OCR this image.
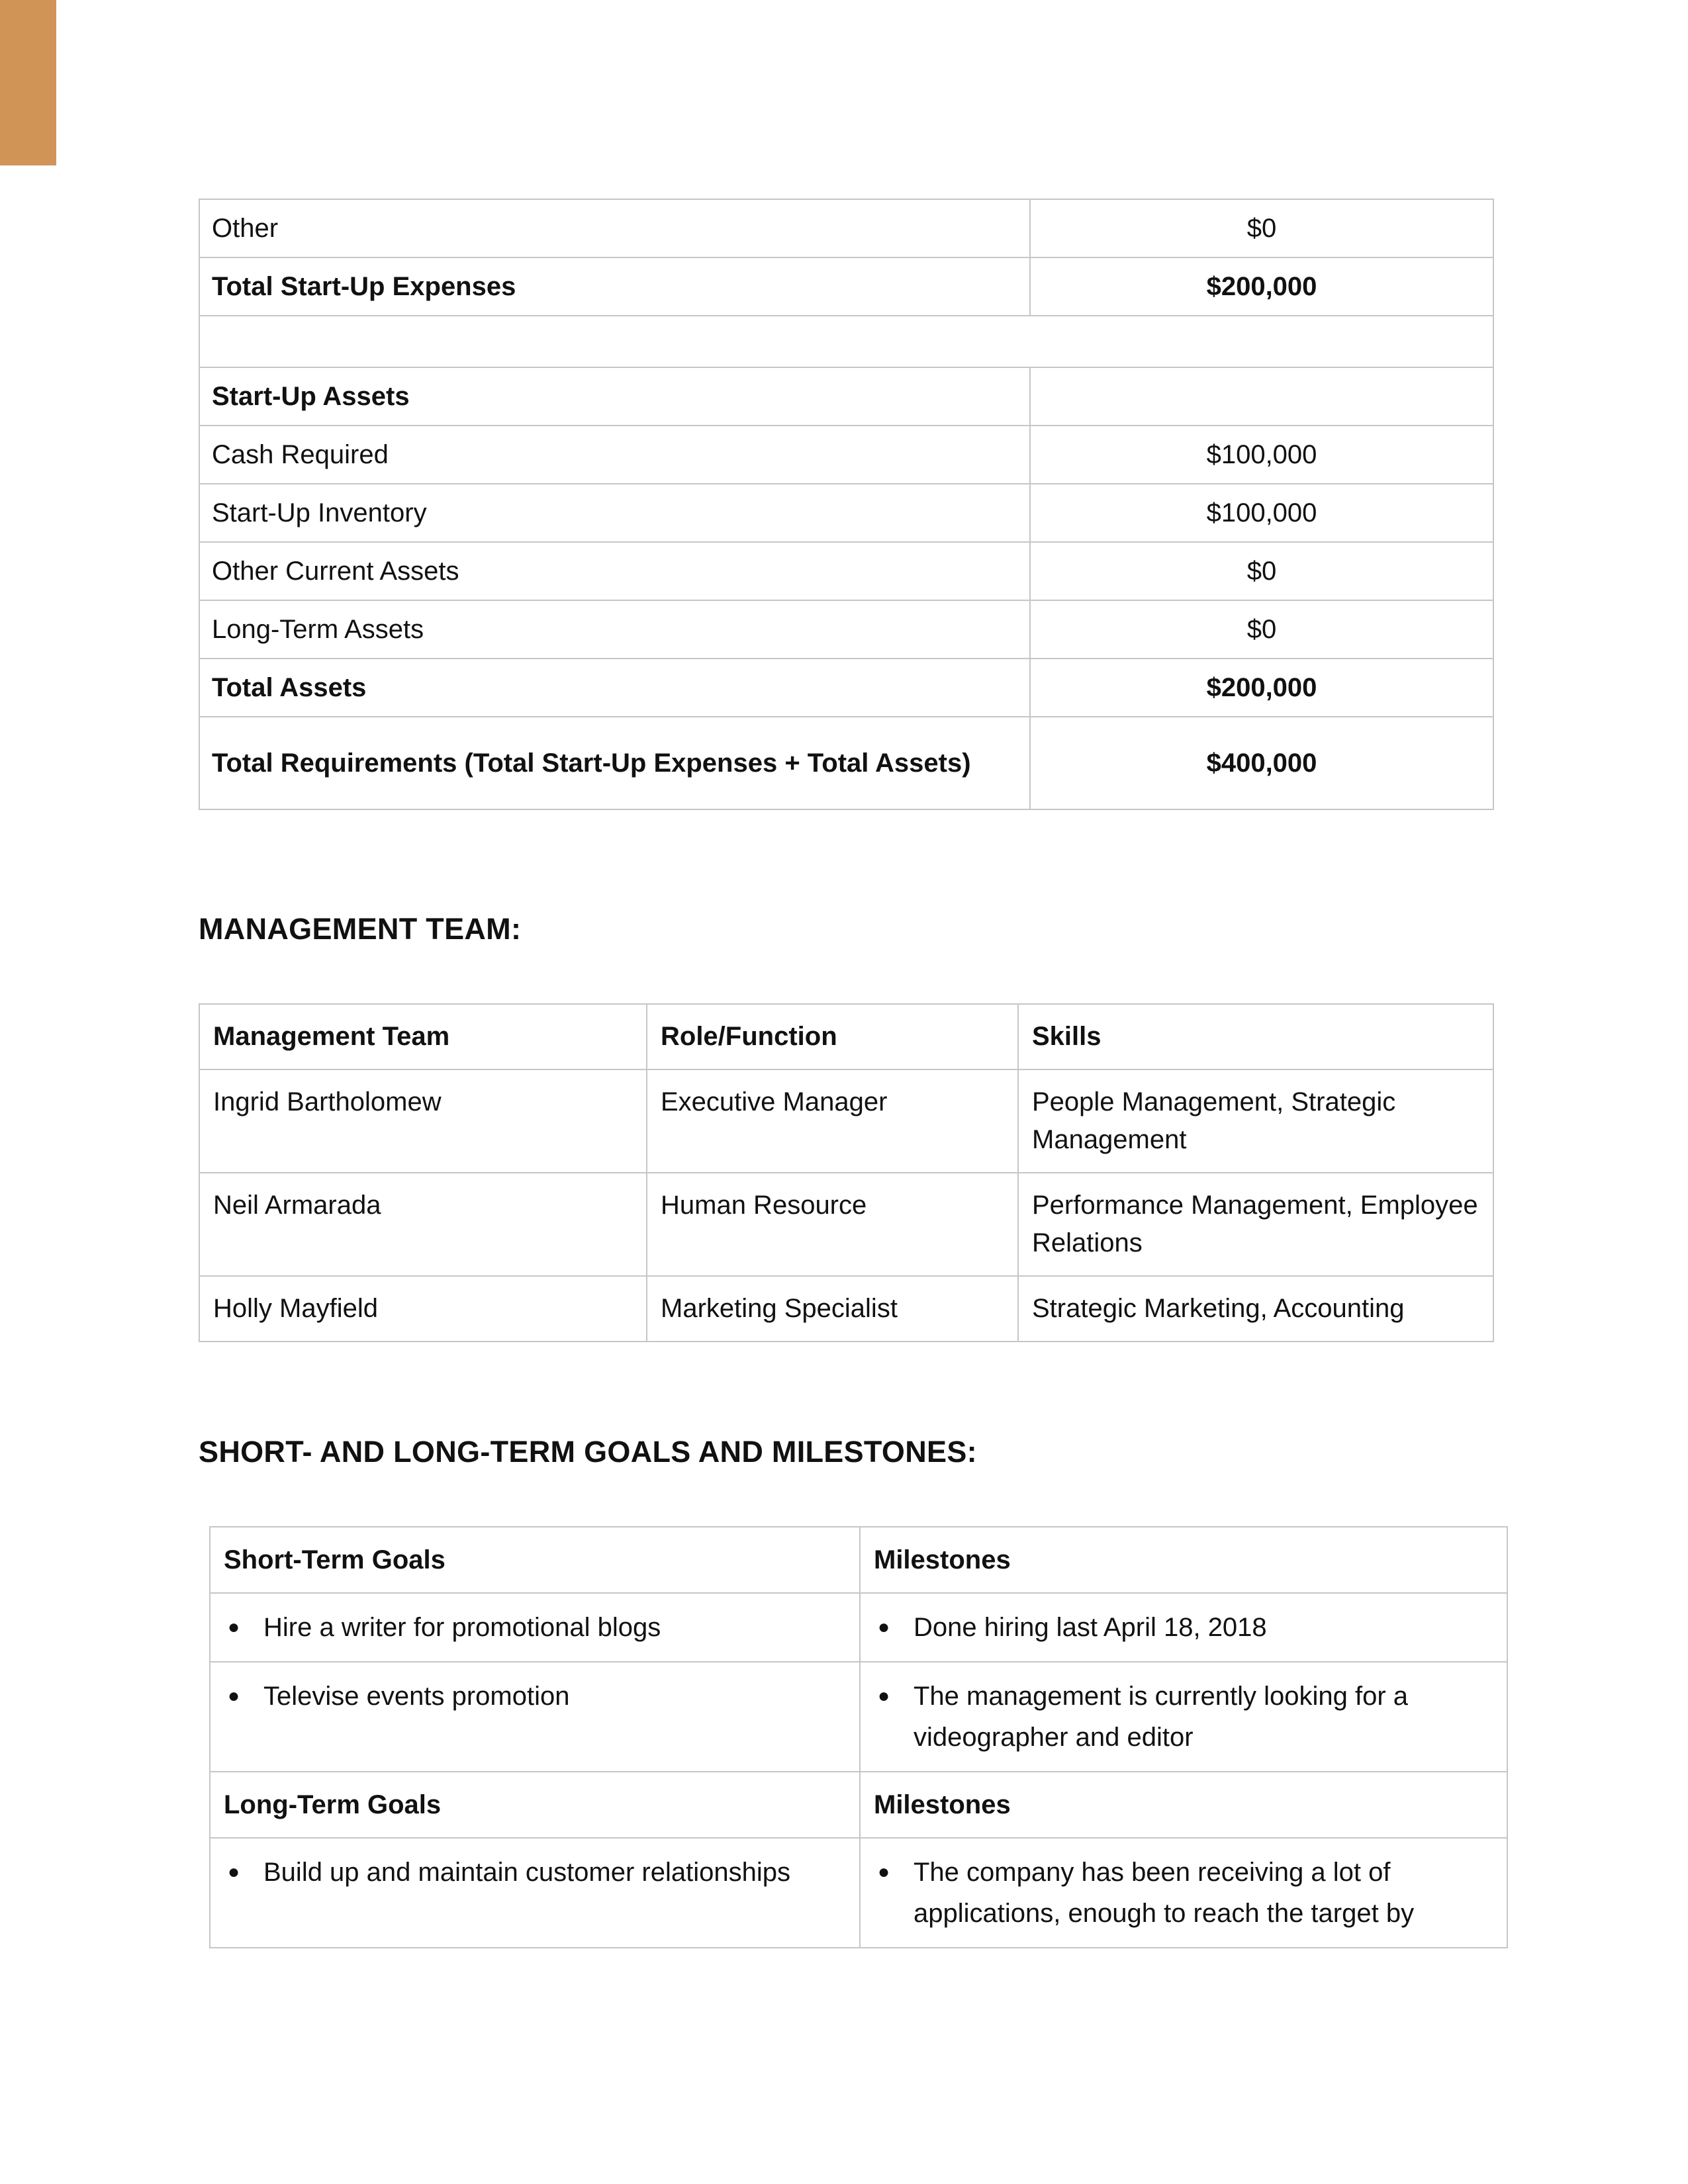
Other	$0
Total Start-Up Expenses	$200,000

Start-Up Assets	
Cash Required	$100,000
Start-Up Inventory	$100,000
Other Current Assets	$0
Long-Term Assets	$0
Total Assets	$200,000
Total Requirements (Total Start-Up Expenses + Total Assets)	$400,000
MANAGEMENT TEAM:
Management Team	Role/Function	Skills
Ingrid Bartholomew	Executive Manager	People Management, Strategic Management
Neil Armarada	Human Resource	Performance Management, Employee Relations
Holly Mayfield	Marketing Specialist	Strategic Marketing, Accounting
SHORT- AND LONG-TERM GOALS AND MILESTONES:
Short-Term Goals	Milestones

● Hire a writer for promotional blogs	● Done hiring last April 18, 2018

● Televise events promotion	● The management is currently looking for a videographer and editor

Long-Term Goals	Milestones

● Build up and maintain customer relationships	● The company has been receiving a lot of applications, enough to reach the target by
